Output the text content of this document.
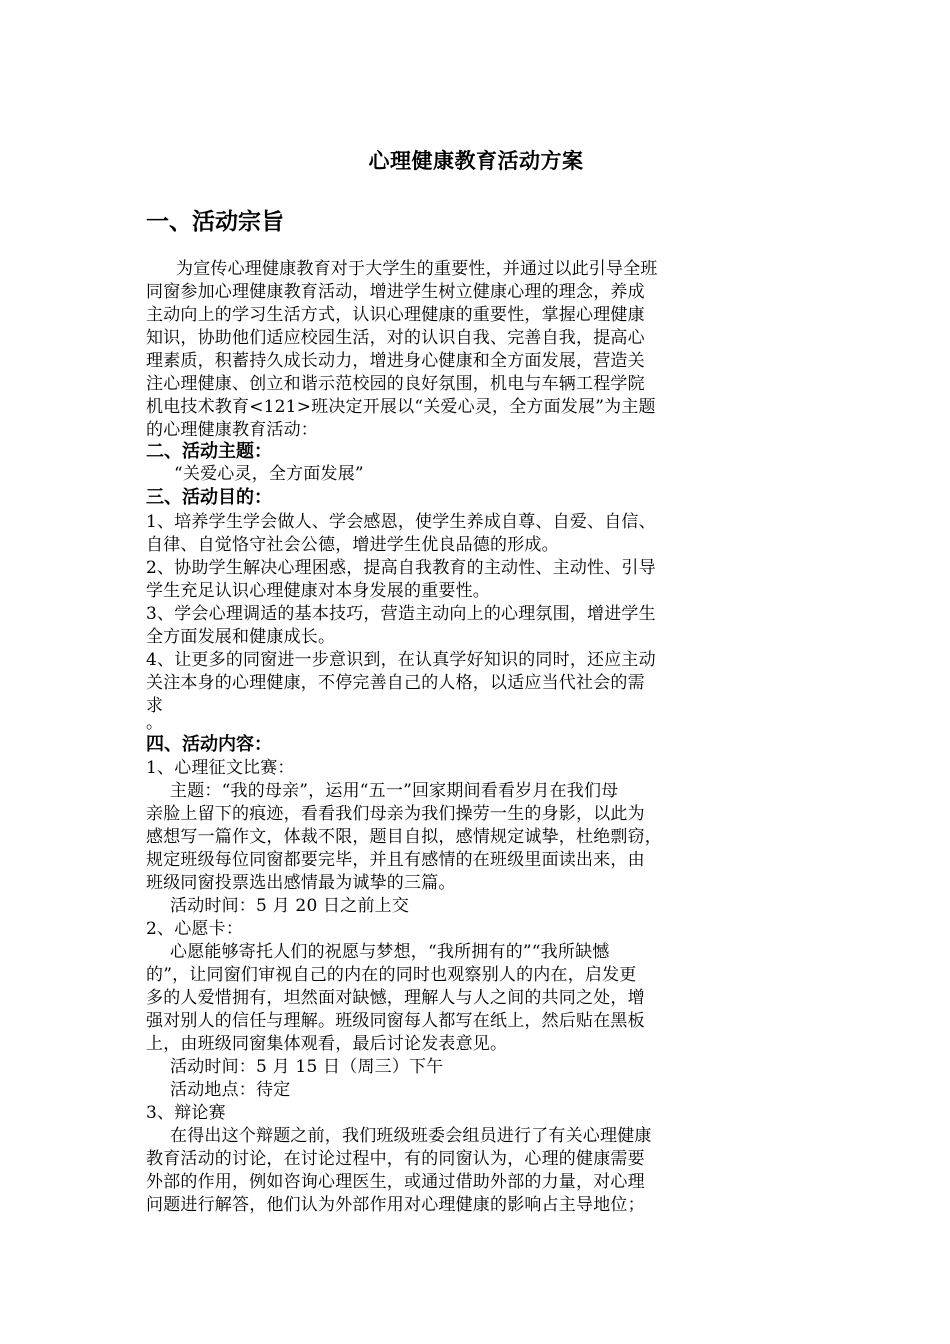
心理健康教育活动方案
一、活动宗旨
为宣传心理健康教育对于大学生的重要性，并通过以此引导全班
同窗参加心理健康教育活动，增进学生树立健康心理的理念，养成
主动向上的学习生活方式，认识心理健康的重要性，掌握心理健康
知识，协助他们适应校园生活，对的认识自我、完善自我，提高心
理素质，积蓄持久成长动力，增进身心健康和全方面发展，营造关
注心理健康、创立和谐示范校园的良好氛围，机电与车辆工程学院
机电技术教育<121>班决定开展以“关爱心灵，全方面发展”为主题
的心理健康教育活动：
二、活动主题：
“关爱心灵，全方面发展”
三、活动目的：
1、培养学生学会做人、学会感恩，使学生养成自尊、自爱、自信、
自律、自觉恪守社会公德，增进学生优良品德的形成。
2、协助学生解决心理困惑，提高自我教育的主动性、主动性、引导
学生充足认识心理健康对本身发展的重要性。
3、学会心理调适的基本技巧，营造主动向上的心理氛围，增进学生
全方面发展和健康成长。
4、让更多的同窗进一步意识到，在认真学好知识的同时，还应主动
关注本身的心理健康，不停完善自己的人格，以适应当代社会的需
求
。
四、活动内容：
1、心理征文比赛：
主题：“我的母亲”，运用“五一”回家期间看看岁月在我们母
亲脸上留下的痕迹，看看我们母亲为我们操劳一生的身影，以此为
感想写一篇作文，体裁不限，题目自拟，感情规定诚挚，杜绝剽窃，
规定班级每位同窗都要完毕，并且有感情的在班级里面读出来，由
班级同窗投票选出感情最为诚挚的三篇。
活动时间：5 月 20 日之前上交
2、心愿卡：
心愿能够寄托人们的祝愿与梦想，“我所拥有的”“我所缺憾
的”，让同窗们审视自己的内在的同时也观察别人的内在，启发更
多的人爱惜拥有，坦然面对缺憾，理解人与人之间的共同之处，增
强对别人的信任与理解。班级同窗每人都写在纸上，然后贴在黑板
上，由班级同窗集体观看，最后讨论发表意见。
活动时间：5 月 15 日（周三）下午
活动地点：待定
3、辩论赛
在得出这个辩题之前，我们班级班委会组员进行了有关心理健康
教育活动的讨论，在讨论过程中，有的同窗认为，心理的健康需要
外部的作用，例如咨询心理医生，或通过借助外部的力量，对心理
问题进行解答，他们认为外部作用对心理健康的影响占主导地位；
